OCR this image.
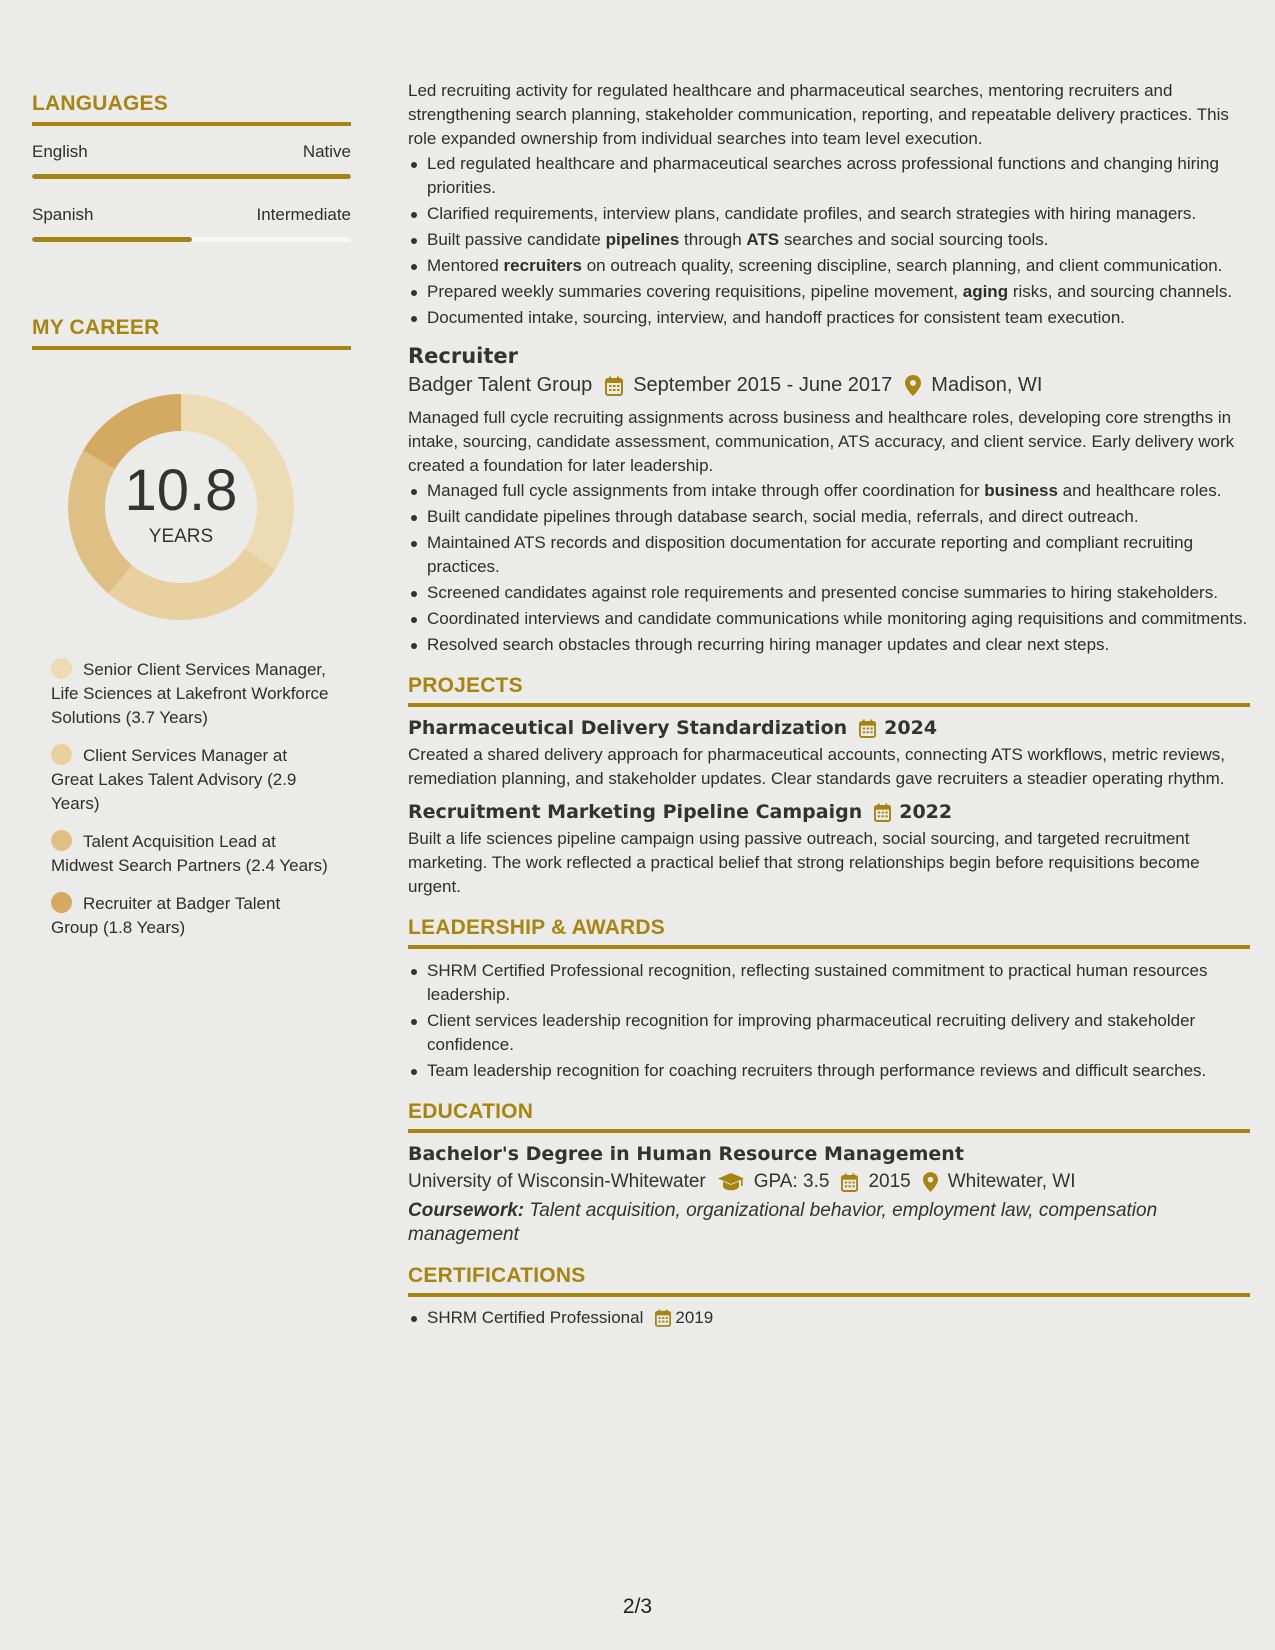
LANGUAGES
English	Native
Spanish	Intermediate
MY CAREER
10.8
YEARS
Senior Client Services Manager, Life Sciences at Lakefront Workforce Solutions (3.7 Years)
Client Services Manager at Great Lakes Talent Advisory (2.9 Years)
Talent Acquisition Lead at Midwest Search Partners (2.4 Years)
Recruiter at Badger Talent Group (1.8 Years)
Led recruiting activity for regulated healthcare and pharmaceutical searches, mentoring recruiters and strengthening search planning, stakeholder communication, reporting, and repeatable delivery practices. This role expanded ownership from individual searches into team level execution.
Led regulated healthcare and pharmaceutical searches across professional functions and changing hiring priorities.
Clarified requirements, interview plans, candidate profiles, and search strategies with hiring managers.
Built passive candidate pipelines through ATS searches and social sourcing tools.
Mentored recruiters on outreach quality, screening discipline, search planning, and client communication.
Prepared weekly summaries covering requisitions, pipeline movement, aging risks, and sourcing channels.
Documented intake, sourcing, interview, and handoff practices for consistent team execution.
Recruiter
Badger Talent Group September 2015 - June 2017 Madison, WI
Managed full cycle recruiting assignments across business and healthcare roles, developing core strengths in intake, sourcing, candidate assessment, communication, ATS accuracy, and client service. Early delivery work created a foundation for later leadership.
Managed full cycle assignments from intake through offer coordination for business and healthcare roles.
Built candidate pipelines through database search, social media, referrals, and direct outreach.
Maintained ATS records and disposition documentation for accurate reporting and compliant recruiting practices.
Screened candidates against role requirements and presented concise summaries to hiring stakeholders.
Coordinated interviews and candidate communications while monitoring aging requisitions and commitments.
Resolved search obstacles through recurring hiring manager updates and clear next steps.
PROJECTS
Pharmaceutical Delivery Standardization 2024
Created a shared delivery approach for pharmaceutical accounts, connecting ATS workflows, metric reviews, remediation planning, and stakeholder updates. Clear standards gave recruiters a steadier operating rhythm.
Recruitment Marketing Pipeline Campaign 2022
Built a life sciences pipeline campaign using passive outreach, social sourcing, and targeted recruitment marketing. The work reflected a practical belief that strong relationships begin before requisitions become urgent.
LEADERSHIP & AWARDS
SHRM Certified Professional recognition, reflecting sustained commitment to practical human resources leadership.
Client services leadership recognition for improving pharmaceutical recruiting delivery and stakeholder confidence.
Team leadership recognition for coaching recruiters through performance reviews and difficult searches.
EDUCATION
Bachelor's Degree in Human Resource Management
University of Wisconsin-Whitewater	GPA: 3.5 2015 Whitewater, WI
Coursework: Talent acquisition, organizational behavior, employment law, compensation management
CERTIFICATIONS
SHRM Certified Professional 2019
2/3
